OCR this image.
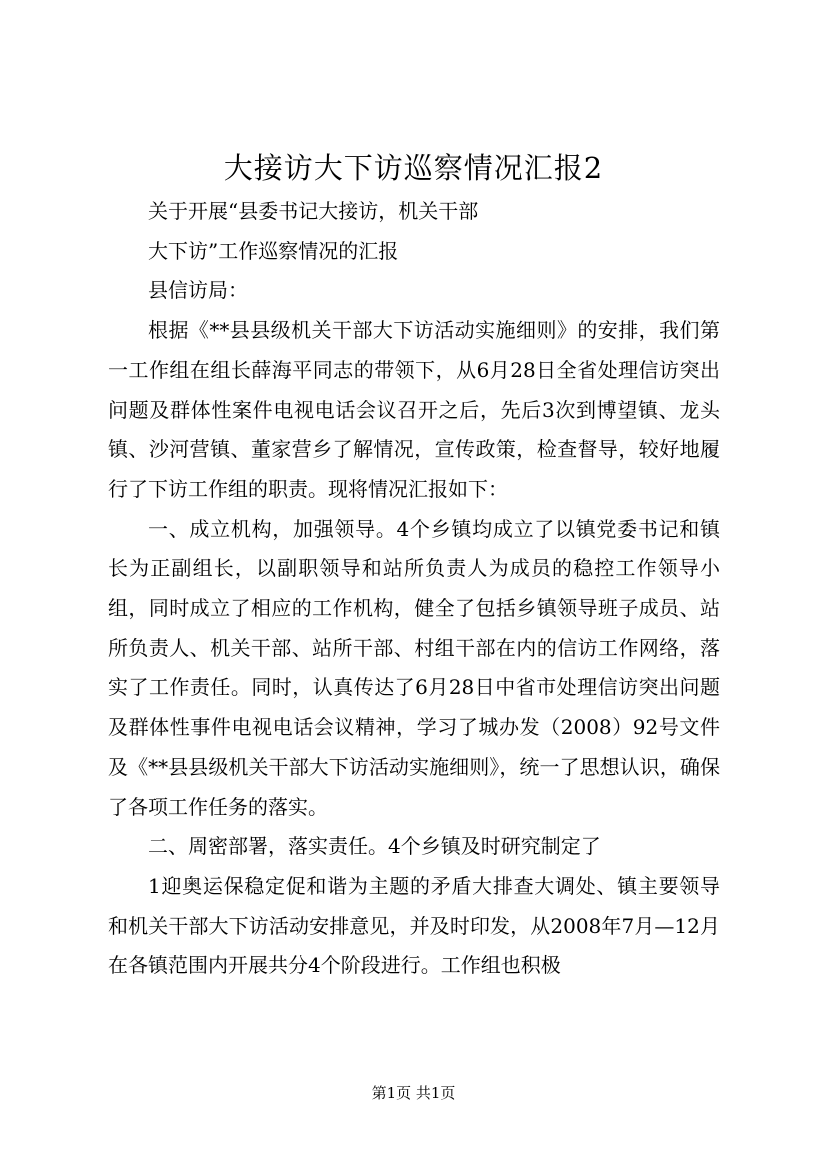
大接访大下访巡察情况汇报2

关于开展“县委书记大接访，机关干部

大下访”工作巡察情况的汇报

县信访局：

根据《**县县级机关干部大下访活动实施细则》的安排，我们第一工作组在组长薛海平同志的带领下，从6月28日全省处理信访突出问题及群体性案件电视电话会议召开之后，先后3次到博望镇、龙头镇、沙河营镇、董家营乡了解情况，宣传政策，检查督导，较好地履行了下访工作组的职责。现将情况汇报如下：

一、成立机构，加强领导。4个乡镇均成立了以镇党委书记和镇长为正副组长，以副职领导和站所负责人为成员的稳控工作领导小组，同时成立了相应的工作机构，健全了包括乡镇领导班子成员、站所负责人、机关干部、站所干部、村组干部在内的信访工作网络，落实了工作责任。同时，认真传达了6月28日中省市处理信访突出问题及群体性事件电视电话会议精神，学习了城办发（2008）92号文件及《**县县级机关干部大下访活动实施细则》，统一了思想认识，确保了各项工作任务的落实。

二、周密部署，落实责任。4个乡镇及时研究制定了

1迎奥运保稳定促和谐为主题的矛盾大排查大调处、镇主要领导和机关干部大下访活动安排意见，并及时印发，从2008年7月—12月在各镇范围内开展共分4个阶段进行。工作组也积极

第1页 共1页
